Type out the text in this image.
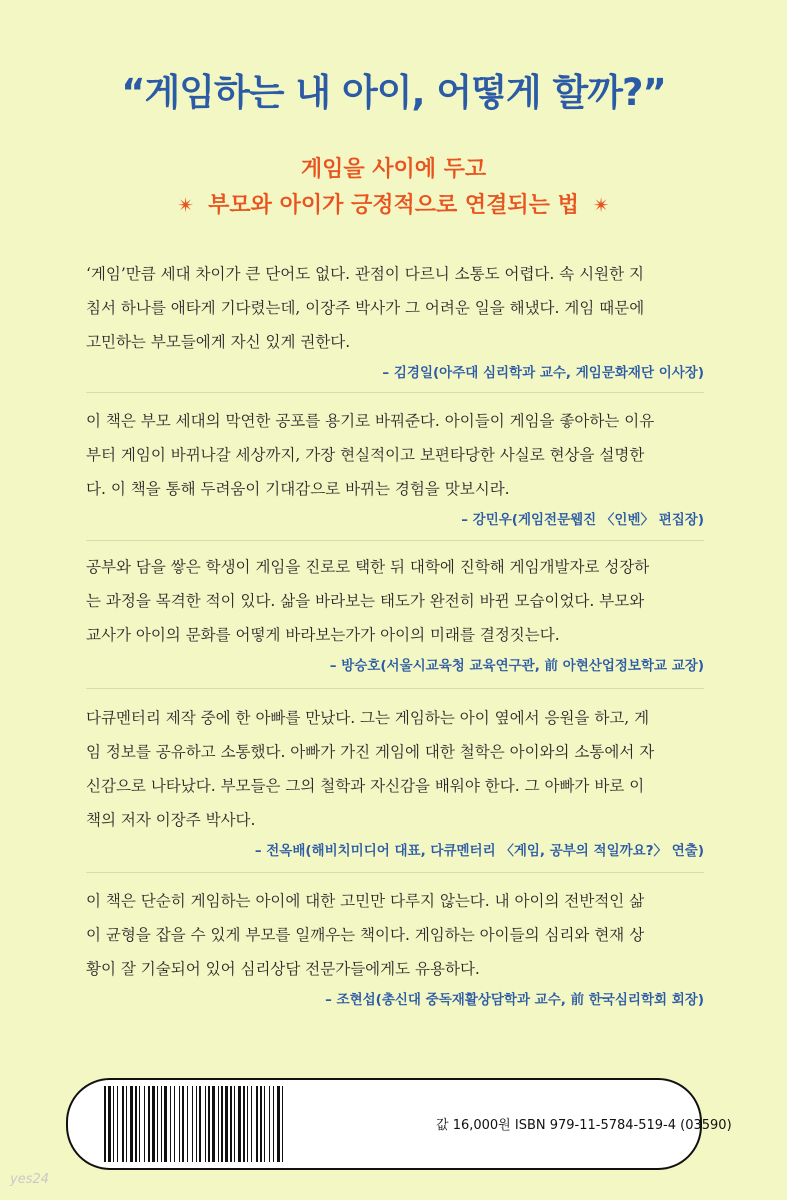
“게임하는 내 아이, 어떻게 할까?”
게임을 사이에 두고
✴ 부모와 아이가 긍정적으로 연결되는 법 ✴
‘게임’만큼 세대 차이가 큰 단어도 없다. 관점이 다르니 소통도 어렵다. 속 시원한 지
침서 하나를 애타게 기다렸는데, 이장주 박사가 그 어려운 일을 해냈다. 게임 때문에
고민하는 부모들에게 자신 있게 권한다.
– 김경일(아주대 심리학과 교수, 게임문화재단 이사장)
이 책은 부모 세대의 막연한 공포를 용기로 바꿔준다. 아이들이 게임을 좋아하는 이유
부터 게임이 바뀌나갈 세상까지, 가장 현실적이고 보편타당한 사실로 현상을 설명한
다. 이 책을 통해 두려움이 기대감으로 바뀌는 경험을 맛보시라.
– 강민우(게임전문웹진 〈인벤〉 편집장)
공부와 담을 쌓은 학생이 게임을 진로로 택한 뒤 대학에 진학해 게임개발자로 성장하
는 과정을 목격한 적이 있다. 삶을 바라보는 태도가 완전히 바뀐 모습이었다. 부모와
교사가 아이의 문화를 어떻게 바라보는가가 아이의 미래를 결정짓는다.
– 방승호(서울시교육청 교육연구관, 前 아현산업정보학교 교장)
다큐멘터리 제작 중에 한 아빠를 만났다. 그는 게임하는 아이 옆에서 응원을 하고, 게
임 정보를 공유하고 소통했다. 아빠가 가진 게임에 대한 철학은 아이와의 소통에서 자
신감으로 나타났다. 부모들은 그의 철학과 자신감을 배워야 한다. 그 아빠가 바로 이
책의 저자 이장주 박사다.
– 전옥배(해비치미디어 대표, 다큐멘터리 〈게임, 공부의 적일까요?〉 연출)
이 책은 단순히 게임하는 아이에 대한 고민만 다루지 않는다. 내 아이의 전반적인 삶
이 균형을 잡을 수 있게 부모를 일깨우는 책이다. 게임하는 아이들의 심리와 현재 상
황이 잘 기술되어 있어 심리상담 전문가들에게도 유용하다.
– 조현섭(총신대 중독재활상담학과 교수, 前 한국심리학회 회장)
값 16,000원 ISBN 979-11-5784-519-4 (03590)
yes24
